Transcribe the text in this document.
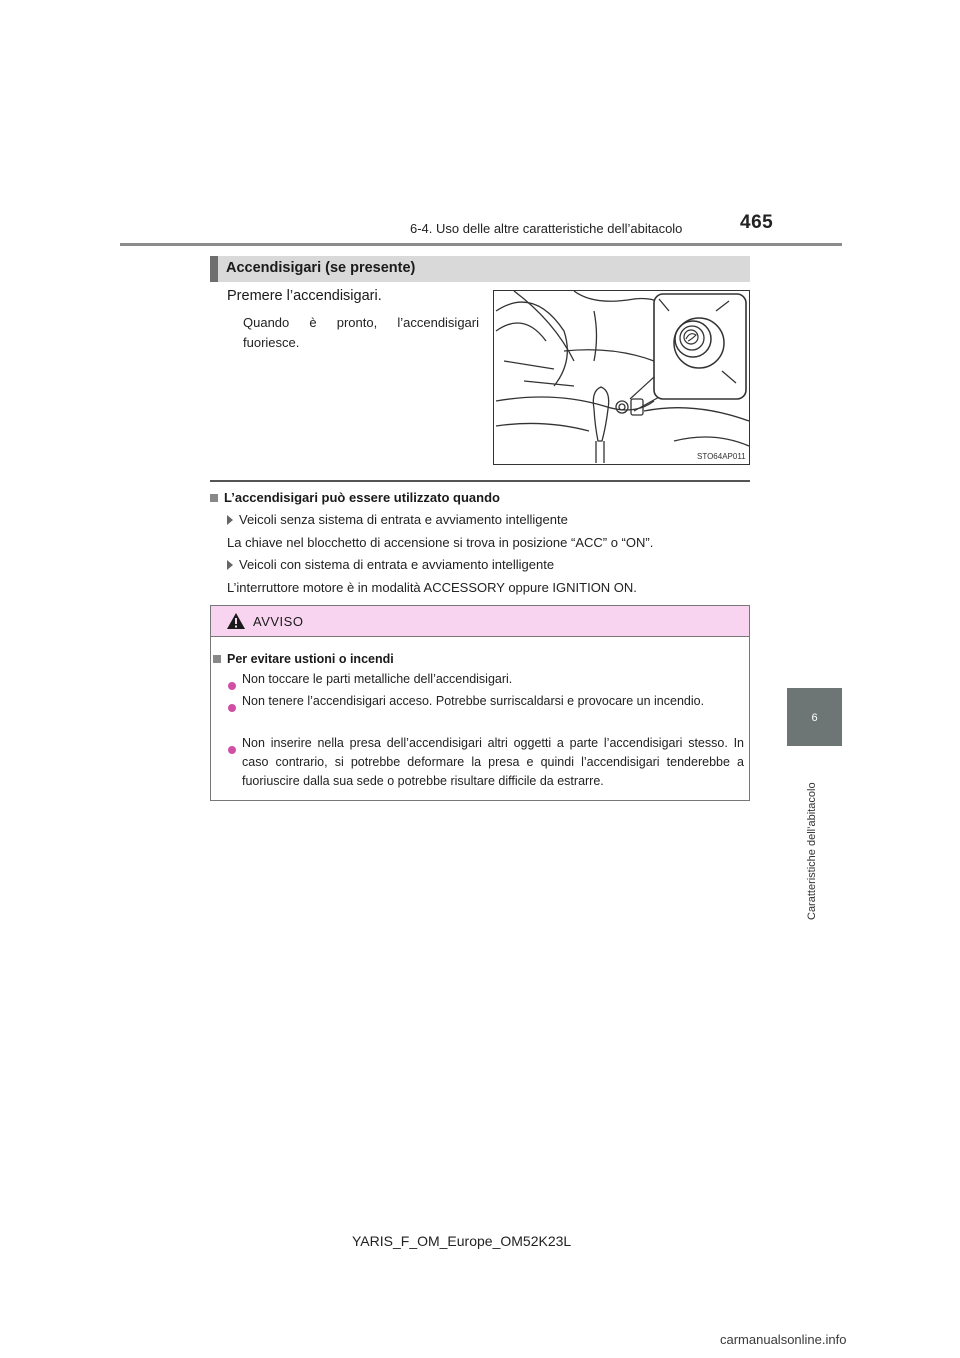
6-4. Uso delle altre caratteristiche dell’abitacolo	465
6
Caratteristiche dell’abitacolo
Accendisigari (se presente)
Premere l’accendisigari.
Quando è pronto, l’accendisigari fuoriesce.
STO64AP011
L’accendisigari può essere utilizzato quando
Veicoli senza sistema di entrata e avviamento intelligente
La chiave nel blocchetto di accensione si trova in posizione “ACC” o “ON”.
Veicoli con sistema di entrata e avviamento intelligente
L’interruttore motore è in modalità ACCESSORY oppure IGNITION ON.
AVVISO
Per evitare ustioni o incendi
Non toccare le parti metalliche dell’accendisigari.
Non tenere l’accendisigari acceso. Potrebbe surriscaldarsi e provocare un incendio.
Non inserire nella presa dell’accendisigari altri oggetti a parte l’accendisigari stesso. In caso contrario, si potrebbe deformare la presa e quindi l’accendisigari tenderebbe a fuoriuscire dalla sua sede o potrebbe risultare difficile da estrarre.
YARIS_F_OM_Europe_OM52K23L
carmanualsonline.info
